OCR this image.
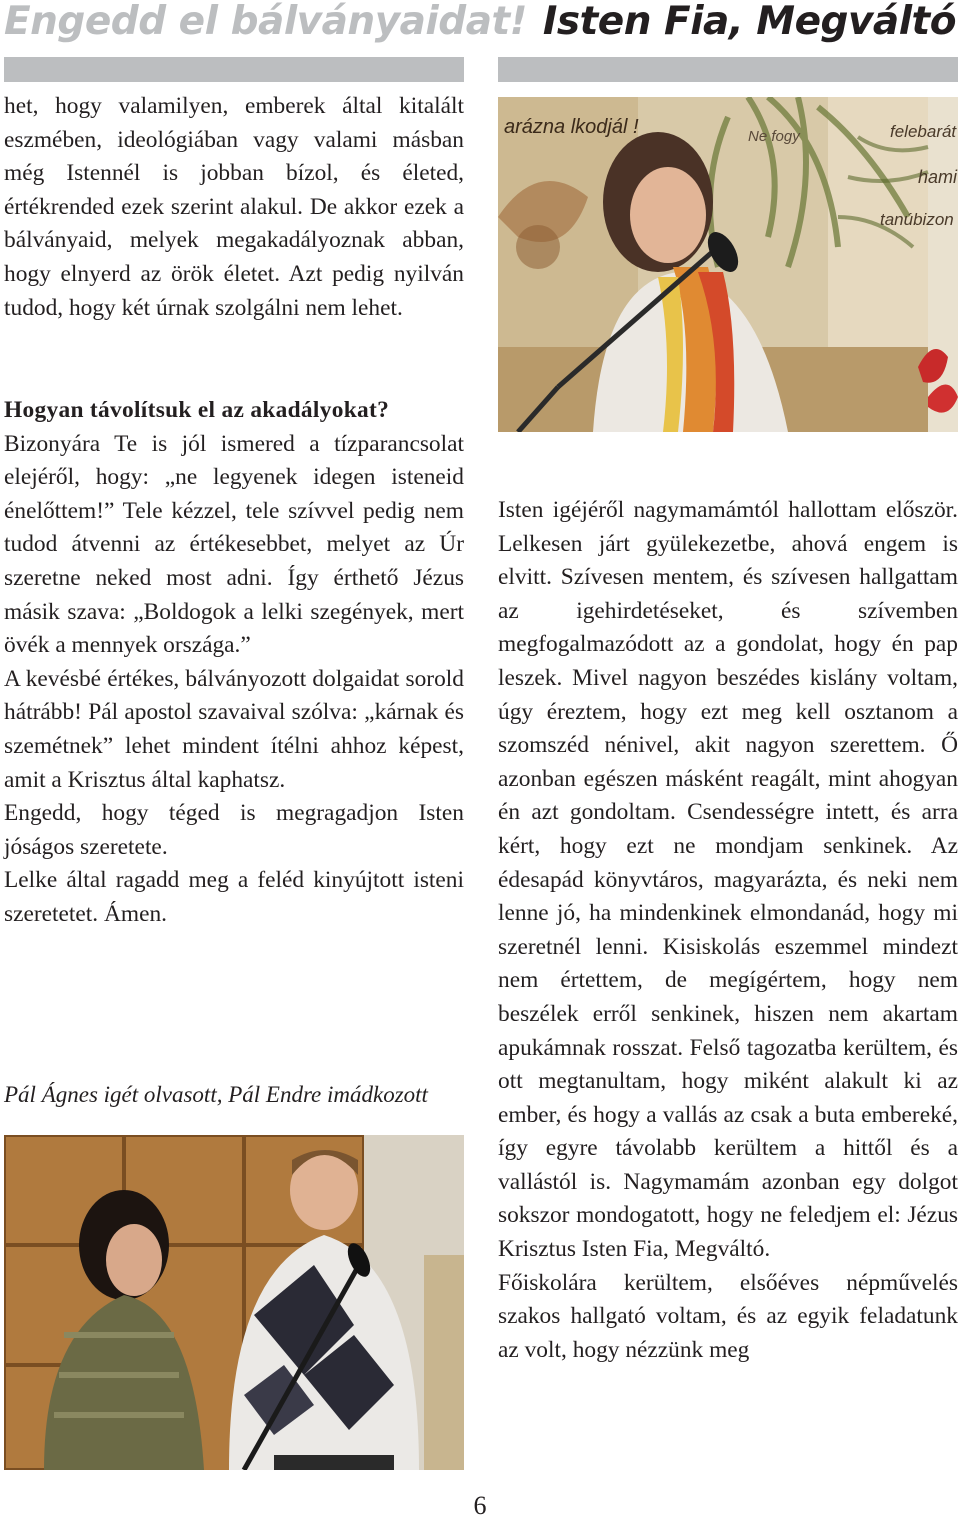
Engedd el bálványaidat! Isten Fia, Megváltó

het, hogy valamilyen, emberek által kitalált eszmében, ideológiában vagy valami másban még Istennél is jobban bízol, és életed, értékrended ezek szerint alakul. De akkor ezek a bálványaid, melyek megakadályoznak abban, hogy elnyerd az örök életet. Azt pedig nyilván tudod, hogy két úrnak szolgálni nem lehet.

Hogyan távolítsuk el az akadályokat?

Bizonyára Te is jól ismered a tízparancsolat elejéről, hogy: „ne legyenek idegen isteneid énelőttem!” Tele kézzel, tele szívvel pedig nem tudod átvenni az értékesebbet, melyet az Úr szeretne neked most adni. Így érthető Jézus másik szava: „Boldogok a lelki szegények, mert övék a mennyek országa.”

A kevésbé értékes, bálványozott dolgaidat sorold hátrább! Pál apostol szavaival szólva: „kárnak és szemétnek” lehet mindent ítélni ahhoz képest, amit a Krisztus által kaphatsz.

Engedd, hogy téged is megragadjon Isten jóságos szeretete.

Lelke által ragadd meg a feléd kinyújtott isteni szeretetet. Ámen.

Pál Ágnes igét olvasott, Pál Endre imádkozott
arázna lkodjál !	Ne fogy	felebarát
hami
tanúbizon

Isten igéjéről nagymamámtól hallottam először. Lelkesen járt gyülekezetbe, ahová engem is elvitt. Szívesen mentem, és szívesen hallgattam az igehirdetéseket, és szívemben megfogalmazódott az a gondolat, hogy én pap leszek. Mivel nagyon beszédes kislány voltam, úgy éreztem, hogy ezt meg kell osztanom a szomszéd nénivel, akit nagyon szerettem. Ő azonban egészen másként reagált, mint ahogyan én azt gondoltam. Csendességre intett, és arra kért, hogy ezt ne mondjam senkinek. Az édesapád könyvtáros, magyarázta, és neki nem lenne jó, ha mindenkinek elmondanád, hogy mi szeretnél lenni. Kisiskolás eszemmel mindezt nem értettem, de megígértem, hogy nem beszélek erről senkinek, hiszen nem akartam apukámnak rosszat. Felső tagozatba kerültem, és ott megtanultam, hogy miként alakult ki az ember, és hogy a vallás az csak a buta embereké, így egyre távolabb kerültem a hittől és a vallástól is. Nagymamám azonban egy dolgot sokszor mondogatott, hogy ne feledjem el: Jézus Krisztus Isten Fia, Megváltó.

Főiskolára kerültem, elsőéves népművelés szakos hallgató voltam, és az egyik feladatunk az volt, hogy nézzünk meg

6
